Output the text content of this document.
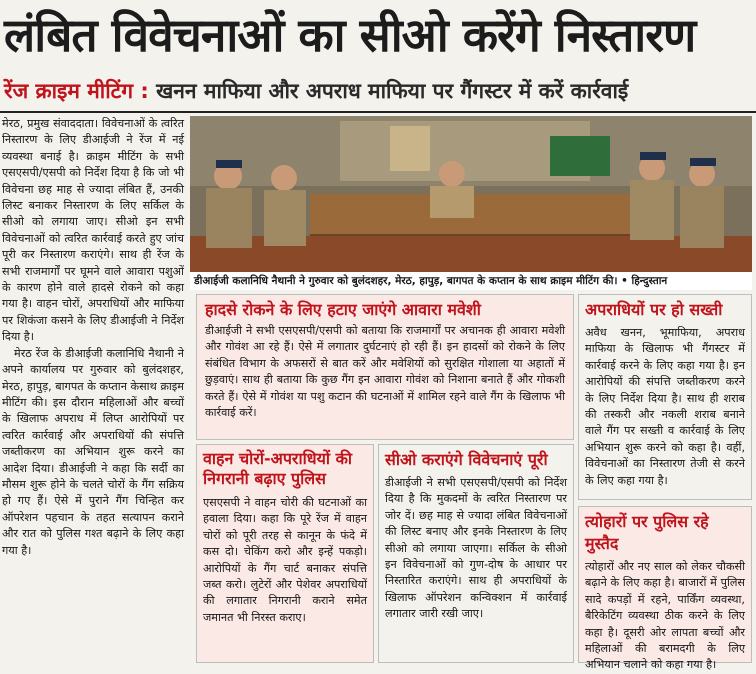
लंबित विवेचनाओं का सीओ करेंगे निस्तारण
रेंज क्राइम मीटिंग : खनन माफिया और अपराध माफिया पर गैंगस्टर में करें कार्रवाई

मेरठ, प्रमुख संवाददाता। विवेचनाओं के त्वरित निस्तारण के लिए डीआईजी ने रेंज में नई व्यवस्था बनाई है। क्राइम मीटिंग के सभी एसएसपी/एसपी को निर्देश दिया है कि जो भी विवेचना छह माह से ज्यादा लंबित हैं, उनकी लिस्ट बनाकर निस्तारण के लिए सर्किल के सीओ को लगाया जाए। सीओ इन सभी विवेचनाओं को त्वरित कार्रवाई करते हुए जांच पूरी कर निस्तारण कराएंगे। साथ ही रेंज के सभी राजमार्गों पर घूमने वाले आवारा पशुओं के कारण होने वाले हादसे रोकने को कहा गया है। वाहन चोरों, अपराधियों और माफिया पर शिकंजा कसने के लिए डीआईजी ने निर्देश दिया है।

मेरठ रेंज के डीआईजी कलानिधि नैथानी ने अपने कार्यालय पर गुरुवार को बुलंदशहर, मेरठ, हापुड़, बागपत के कप्तान केसाथ क्राइम मीटिंग की। इस दौरान महिलाओं और बच्चों के खिलाफ अपराध में लिप्त आरोपियों पर त्वरित कार्रवाई और अपराधियों की संपत्ति जब्तीकरण का अभियान शुरू करने का आदेश दिया। डीआईजी ने कहा कि सर्दी का मौसम शुरू होने के चलते चोरों के गैंग सक्रिय हो गए हैं। ऐसे में पुराने गैंग चिन्हित कर ऑपरेशन पहचान के तहत सत्यापन कराने और रात को पुलिस गश्त बढ़ाने के लिए कहा गया है।

डीआईजी कलानिधि नैथानी ने गुरुवार को बुलंदशहर, मेरठ, हापुड़, बागपत के कप्तान के साथ क्राइम मीटिंग की। • हिन्दुस्तान
हादसे रोकने के लिए हटाए जाएंगे आवारा मवेशी
डीआईजी ने सभी एसएसपी/एसपी को बताया कि राजमार्गों पर अचानक ही आवारा मवेशी और गोवंश आ रहे हैं। ऐसे में लगातार दुर्घटनाएं हो रही हैं। इन हादसों को रोकने के लिए संबंधित विभाग के अफसरों से बात करें और मवेशियों को सुरक्षित गोशाला या अहातों में छुड़वाएं। साथ ही बताया कि कुछ गैंग इन आवारा गोवंश को निशाना बनाते हैं और गोकशी करते हैं। ऐसे में गोवंश या पशु कटान की घटनाओं में शामिल रहने वाले गैंग के खिलाफ भी कार्रवाई करें।
अपराधियों पर हो सख्ती
अवैध खनन, भूमाफिया, अपराध माफिया के खिलाफ भी गैंगस्टर में कार्रवाई करने के लिए कहा गया है। इन आरोपियों की संपत्ति जब्तीकरण करने के लिए निर्देश दिया है। साथ ही शराब की तस्करी और नकली शराब बनाने वाले गैंग पर सख्ती व कार्रवाई के लिए अभियान शुरू करने को कहा है। वहीं, विवेचनाओं का निस्तारण तेजी से करने के लिए कहा गया है।
वाहन चोरों-अपराधियों की निगरानी बढ़ाए पुलिस
एसएसपी ने वाहन चोरी की घटनाओं का हवाला दिया। कहा कि पूरे रेंज में वाहन चोरों को पूरी तरह से कानून के फंदे में कस दो। चेकिंग करो और इन्हें पकड़ो। आरोपियों के गैंग चार्ट बनाकर संपत्ति जब्त करो। लुटेरों और पेशेवर अपराधियों की लगातार निगरानी कराने समेत जमानत भी निरस्त कराए।
सीओ कराएंगे विवेचनाएं पूरी
डीआईजी ने सभी एसएसपी/एसपी को निर्देश दिया है कि मुकदमों के त्वरित निस्तारण पर जोर दें। छह माह से ज्यादा लंबित विवेचनाओं की लिस्ट बनाए और इनके निस्तारण के लिए सीओ को लगाया जाएगा। सर्किल के सीओ इन विवेचनाओं को गुण-दोष के आधार पर निस्तारित कराएंगे। साथ ही अपराधियों के खिलाफ ऑपरेशन कन्विक्शन में कार्रवाई लगातार जारी रखी जाए।
त्योहारों पर पुलिस रहे मुस्तैद
त्योहारों और नए साल को लेकर चौकसी बढ़ाने के लिए कहा है। बाजारों में पुलिस सादे कपड़ों में रहने, पार्किंग व्यवस्था, बैरिकेटिंग व्यवस्था ठीक करने के लिए कहा है। दूसरी ओर लापता बच्चों और महिलाओं की बरामदगी के लिए अभियान चलाने को कहा गया है।
